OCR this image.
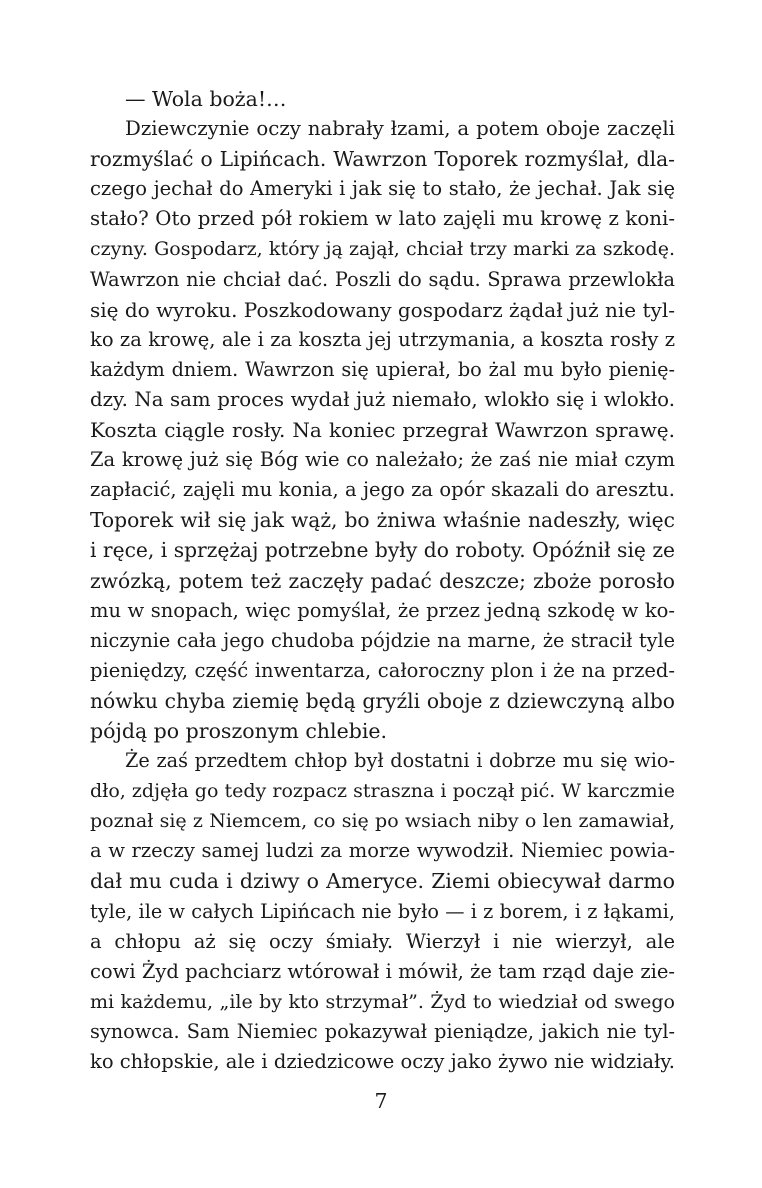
— Wola boża!…
Dziewczynie oczy nabrały łzami, a potem oboje zaczęli
rozmyślać o Lipińcach. Wawrzon Toporek rozmyślał, dla-
czego jechał do Ameryki i jak się to stało, że jechał. Jak się
stało? Oto przed pół rokiem w lato zajęli mu krowę z koni-
czyny. Gospodarz, który ją zajął, chciał trzy marki za szkodę.
Wawrzon nie chciał dać. Poszli do sądu. Sprawa przewlokła
się do wyroku. Poszkodowany gospodarz żądał już nie tyl-
ko za krowę, ale i za koszta jej utrzymania, a koszta rosły z
każdym dniem. Wawrzon się upierał, bo żal mu było pienię-
dzy. Na sam proces wydał już niemało, wlokło się i wlokło.
Koszta ciągle rosły. Na koniec przegrał Wawrzon sprawę.
Za krowę już się Bóg wie co należało; że zaś nie miał czym
zapłacić, zajęli mu konia, a jego za opór skazali do aresztu.
Toporek wił się jak wąż, bo żniwa właśnie nadeszły, więc
i ręce, i sprzężaj potrzebne były do roboty. Opóźnił się ze
zwózką, potem też zaczęły padać deszcze; zboże porosło
mu w snopach, więc pomyślał, że przez jedną szkodę w ko-
niczynie cała jego chudoba pójdzie na marne, że stracił tyle
pieniędzy, część inwentarza, całoroczny plon i że na przed-
nówku chyba ziemię będą gryźli oboje z dziewczyną albo
pójdą po proszonym chlebie.
Że zaś przedtem chłop był dostatni i dobrze mu się wio-
dło, zdjęła go tedy rozpacz straszna i począł pić. W karczmie
poznał się z Niemcem, co się po wsiach niby o len zamawiał,
a w rzeczy samej ludzi za morze wywodził. Niemiec powia-
dał mu cuda i dziwy o Ameryce. Ziemi obiecywał darmo
tyle, ile w całych Lipińcach nie było — i z borem, i z łąkami,
a chłopu aż się oczy śmiały. Wierzył i nie wierzył, ale
cowi Żyd pachciarz wtórował i mówił, że tam rząd daje zie-
mi każdemu, „ile by kto strzymał”. Żyd to wiedział od swego
synowca. Sam Niemiec pokazywał pieniądze, jakich nie tyl-
ko chłopskie, ale i dziedzicowe oczy jako żywo nie widziały.
7
